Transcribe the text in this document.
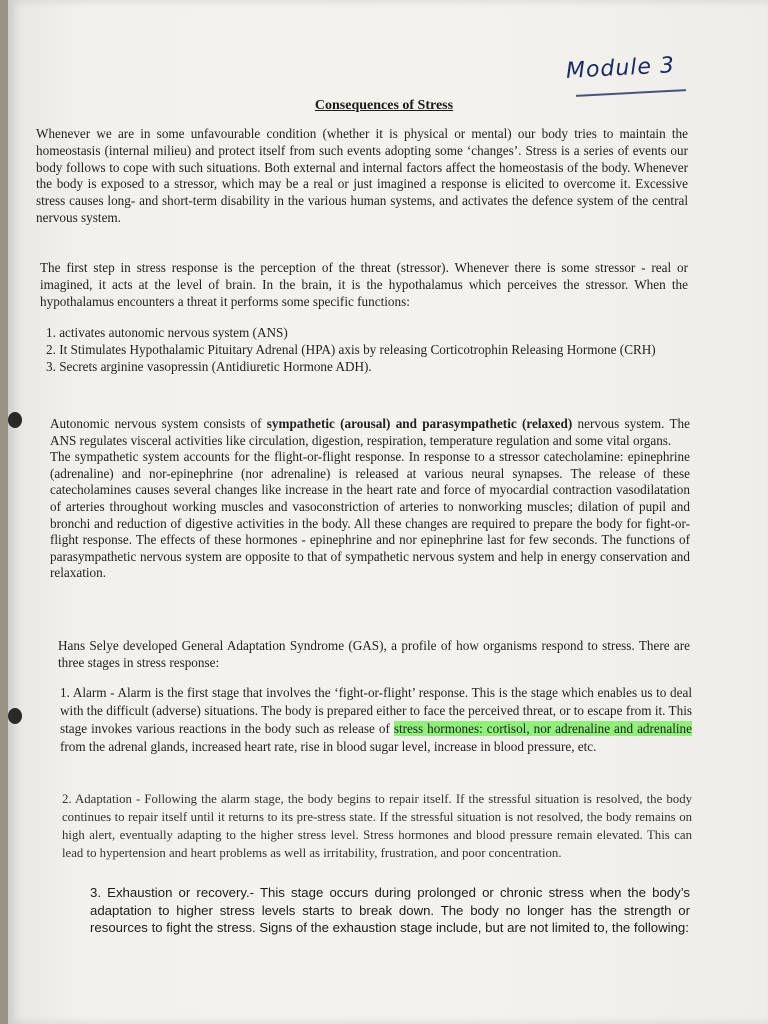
Module 3
Consequences of Stress

Whenever we are in some unfavourable condition (whether it is physical or mental) our body tries to maintain the homeostasis (internal milieu) and protect itself from such events adopting some ‘changes’. Stress is a series of events our body follows to cope with such situations. Both external and internal factors affect the homeostasis of the body. Whenever the body is exposed to a stressor, which may be a real or just imagined a response is elicited to overcome it. Excessive stress causes long- and short-term disability in the various human systems, and activates the defence system of the central nervous system.

The first step in stress response is the perception of the threat (stressor). Whenever there is some stressor - real or imagined, it acts at the level of brain. In the brain, it is the hypothalamus which perceives the stressor. When the hypothalamus encounters a threat it performs some specific functions:

1. activates autonomic nervous system (ANS)
2. It Stimulates Hypothalamic Pituitary Adrenal (HPA) axis by releasing Corticotrophin Releasing Hormone (CRH)
3. Secrets arginine vasopressin (Antidiuretic Hormone ADH).
Autonomic nervous system consists of sympathetic (arousal) and parasympathetic (relaxed) nervous system. The ANS regulates visceral activities like circulation, digestion, respiration, temperature regulation and some vital organs.
The sympathetic system accounts for the flight-or-flight response. In response to a stressor catecholamine: epinephrine (adrenaline) and nor-epinephrine (nor adrenaline) is released at various neural synapses. The release of these catecholamines causes several changes like increase in the heart rate and force of myocardial contraction vasodilatation of arteries throughout working muscles and vasoconstriction of arteries to nonworking muscles; dilation of pupil and bronchi and reduction of digestive activities in the body. All these changes are required to prepare the body for fight-or-flight response. The effects of these hormones - epinephrine and nor epinephrine last for few seconds. The functions of parasympathetic nervous system are opposite to that of sympathetic nervous system and help in energy conservation and relaxation.

Hans Selye developed General Adaptation Syndrome (GAS), a profile of how organisms respond to stress. There are three stages in stress response:

1. Alarm - Alarm is the first stage that involves the ‘fight-or-flight’ response. This is the stage which enables us to deal with the difficult (adverse) situations. The body is prepared either to face the perceived threat, or to escape from it. This stage invokes various reactions in the body such as release of stress hormones: cortisol, nor adrenaline and adrenaline from the adrenal glands, increased heart rate, rise in blood sugar level, increase in blood pressure, etc.

2. Adaptation - Following the alarm stage, the body begins to repair itself. If the stressful situation is resolved, the body continues to repair itself until it returns to its pre-stress state. If the stressful situation is not resolved, the body remains on high alert, eventually adapting to the higher stress level. Stress hormones and blood pressure remain elevated. This can lead to hypertension and heart problems as well as irritability, frustration, and poor concentration.

3. Exhaustion or recovery.- This stage occurs during prolonged or chronic stress when the body’s adaptation to higher stress levels starts to break down. The body no longer has the strength or resources to fight the stress. Signs of the exhaustion stage include, but are not limited to, the following:
